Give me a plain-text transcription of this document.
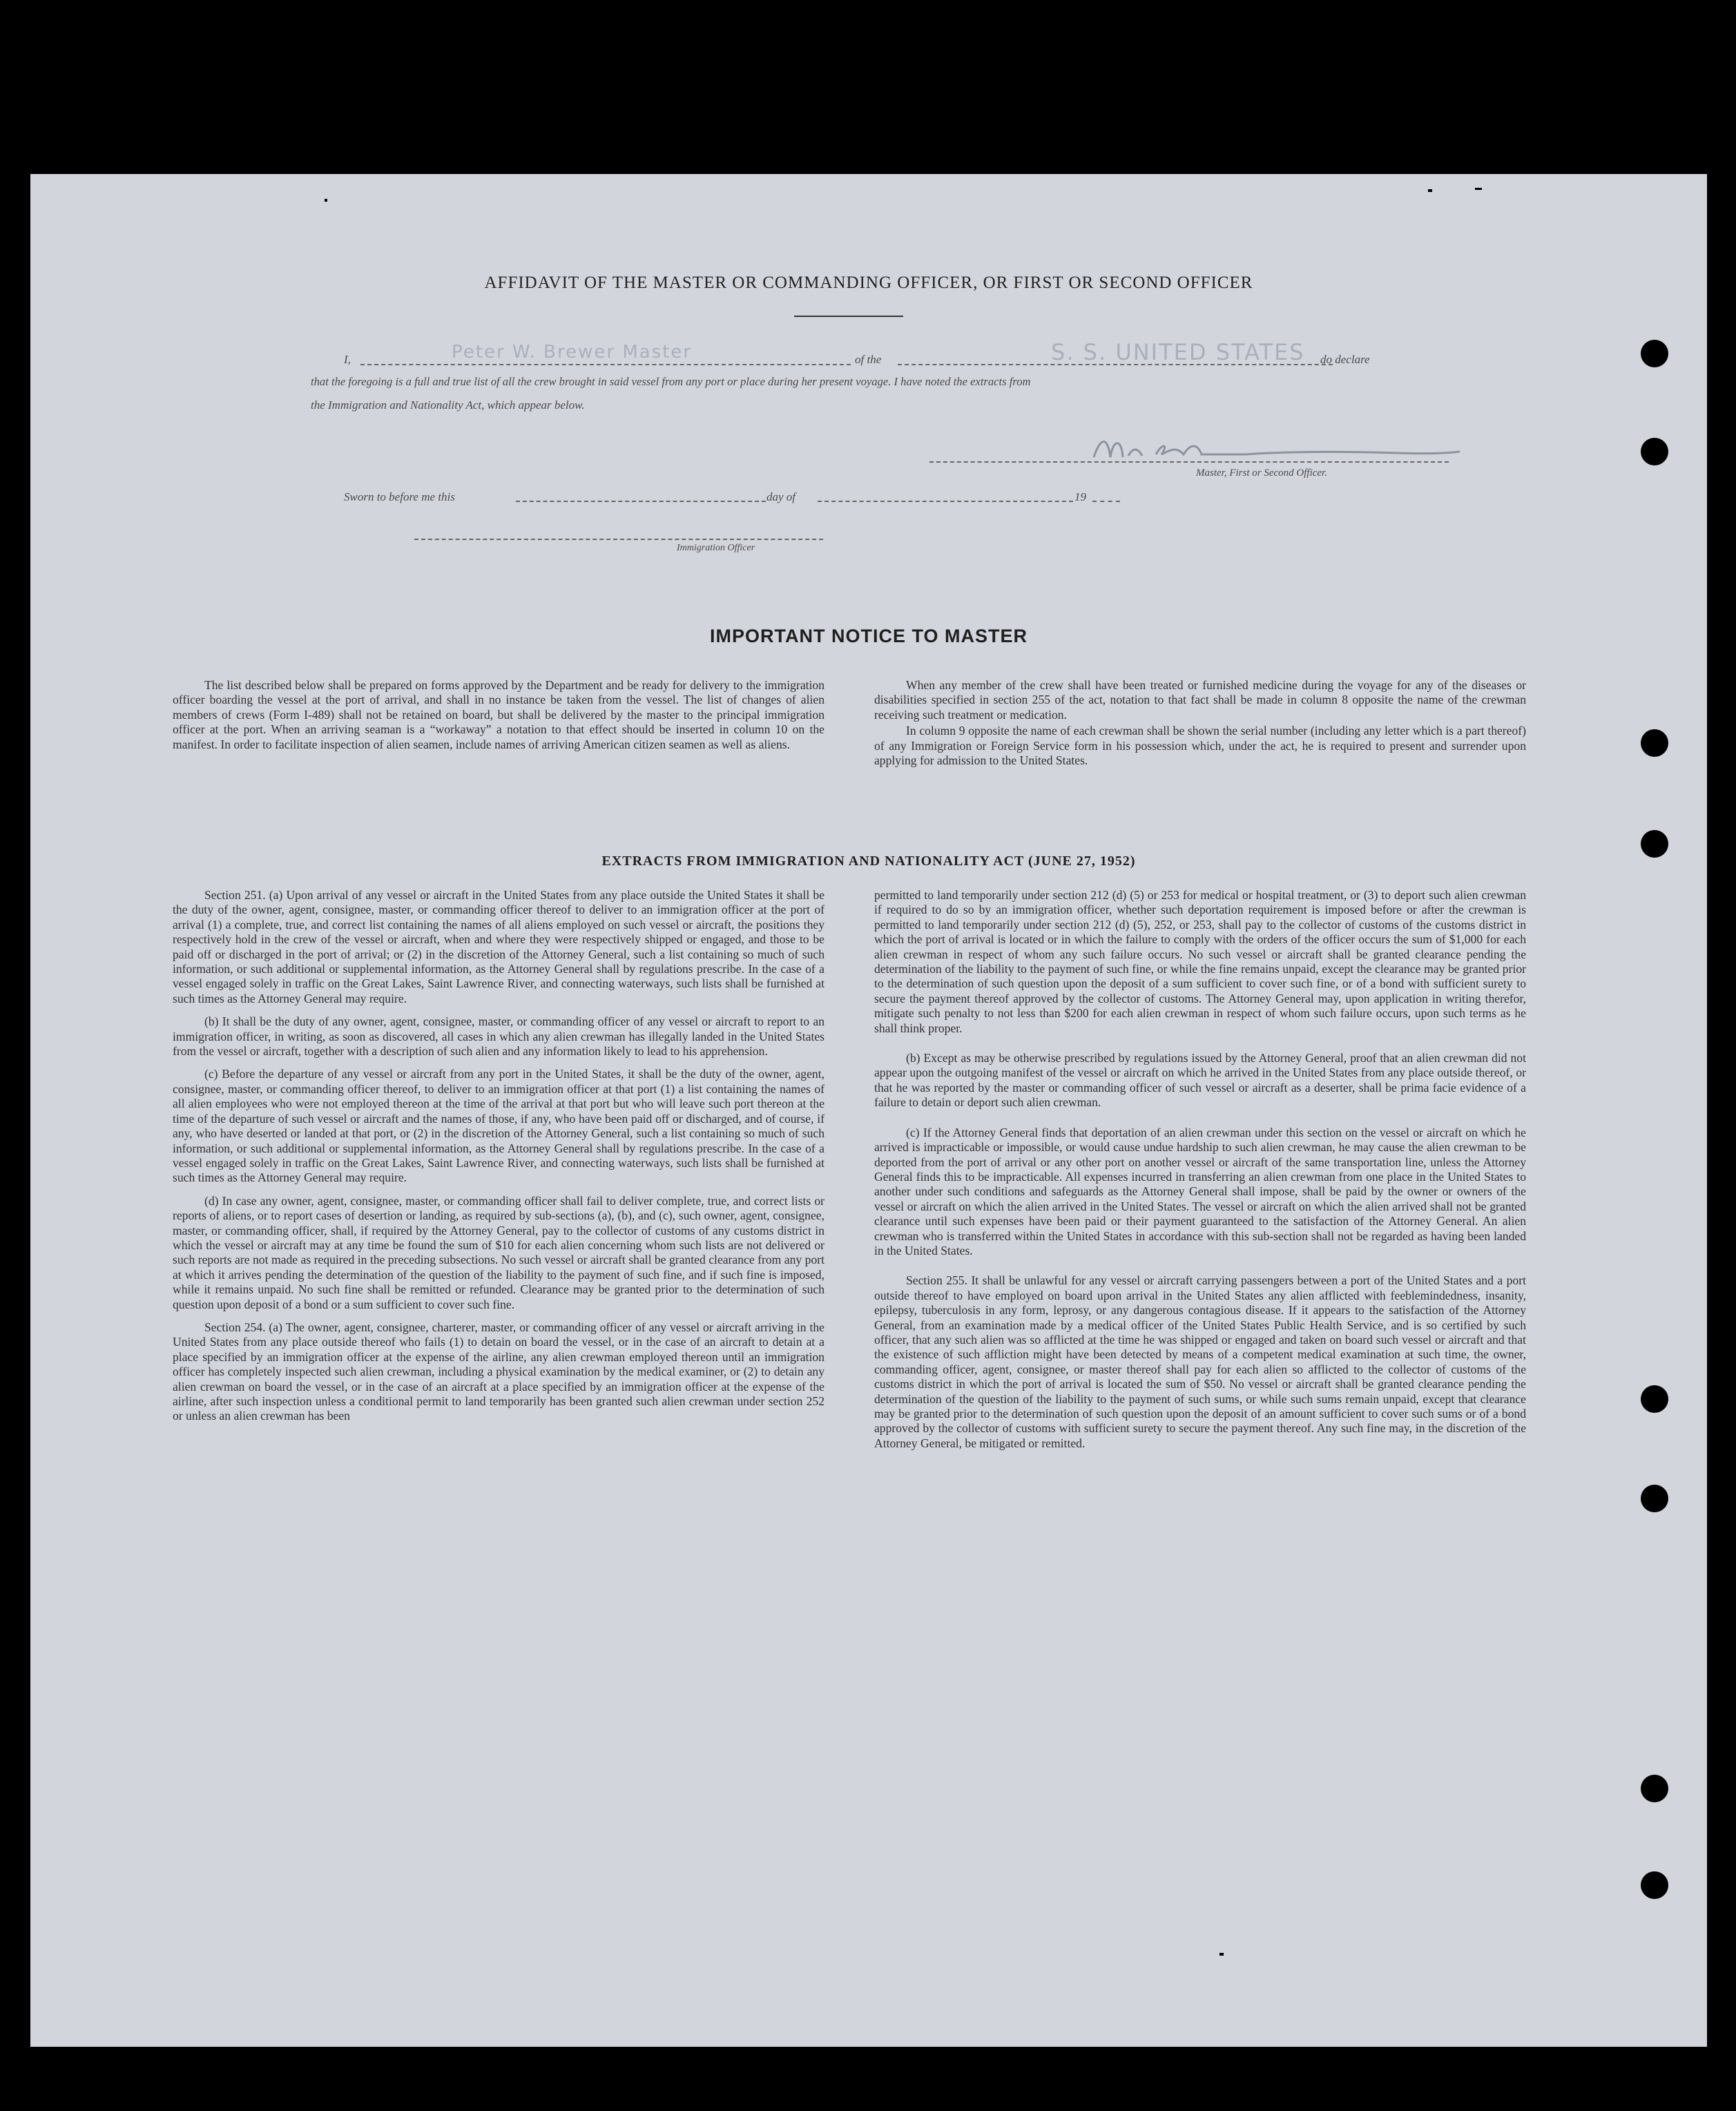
AFFIDAVIT OF THE MASTER OR COMMANDING OFFICER, OR FIRST OR SECOND OFFICER
I,	Peter W. Brewer Master	of the	S. S. UNITED STATES do declare
that the foregoing is a full and true list of all the crew brought in said vessel from any port or place during her present voyage. I have noted the extracts from
the Immigration and Nationality Act, which appear below.
Master, First or Second Officer.
Sworn to before me this	day of	19
Immigration Officer
IMPORTANT NOTICE TO MASTER

The list described below shall be prepared on forms approved by the Department and be ready for delivery to the immigration officer boarding the vessel at the port of arrival, and shall in no instance be taken from the vessel. The list of changes of alien members of crews (Form I-489) shall not be retained on board, but shall be delivered by the master to the principal immigration officer at the port. When an arriving seaman is a “workaway” a notation to that effect should be inserted in column 10 on the manifest. In order to facilitate inspection of alien seamen, include names of arriving American citizen seamen as well as aliens.

When any member of the crew shall have been treated or furnished medicine during the voyage for any of the diseases or disabilities specified in section 255 of the act, notation to that fact shall be made in column 8 opposite the name of the crewman receiving such treatment or medication.

In column 9 opposite the name of each crewman shall be shown the serial number (including any letter which is a part thereof) of any Immigration or Foreign Service form in his possession which, under the act, he is required to present and surrender upon applying for admission to the United States.

EXTRACTS FROM IMMIGRATION AND NATIONALITY ACT (JUNE 27, 1952)

Section 251. (a) Upon arrival of any vessel or aircraft in the United States from any place outside the United States it shall be the duty of the owner, agent, consignee, master, or commanding officer thereof to deliver to an immigration officer at the port of arrival (1) a complete, true, and correct list containing the names of all aliens employed on such vessel or aircraft, the positions they respectively hold in the crew of the vessel or aircraft, when and where they were respectively shipped or engaged, and those to be paid off or discharged in the port of arrival; or (2) in the discretion of the Attorney General, such a list containing so much of such information, or such additional or supplemental information, as the Attorney General shall by regulations prescribe. In the case of a vessel engaged solely in traffic on the Great Lakes, Saint Lawrence River, and connecting waterways, such lists shall be furnished at such times as the Attorney General may require.

(b) It shall be the duty of any owner, agent, consignee, master, or commanding officer of any vessel or aircraft to report to an immigration officer, in writing, as soon as discovered, all cases in which any alien crewman has illegally landed in the United States from the vessel or aircraft, together with a description of such alien and any information likely to lead to his apprehension.

(c) Before the departure of any vessel or aircraft from any port in the United States, it shall be the duty of the owner, agent, consignee, master, or commanding officer thereof, to deliver to an immigration officer at that port (1) a list containing the names of all alien employees who were not employed thereon at the time of the arrival at that port but who will leave such port thereon at the time of the departure of such vessel or aircraft and the names of those, if any, who have been paid off or discharged, and of course, if any, who have deserted or landed at that port, or (2) in the discretion of the Attorney General, such a list containing so much of such information, or such additional or supplemental information, as the Attorney General shall by regulations prescribe. In the case of a vessel engaged solely in traffic on the Great Lakes, Saint Lawrence River, and connecting waterways, such lists shall be furnished at such times as the Attorney General may require.

(d) In case any owner, agent, consignee, master, or commanding officer shall fail to deliver complete, true, and correct lists or reports of aliens, or to report cases of desertion or landing, as required by sub-sections (a), (b), and (c), such owner, agent, consignee, master, or commanding officer, shall, if required by the Attorney General, pay to the collector of customs of any customs district in which the vessel or aircraft may at any time be found the sum of $10 for each alien concerning whom such lists are not delivered or such reports are not made as required in the preceding subsections. No such vessel or aircraft shall be granted clearance from any port at which it arrives pending the determination of the question of the liability to the payment of such fine, and if such fine is imposed, while it remains unpaid. No such fine shall be remitted or refunded. Clearance may be granted prior to the determination of such question upon deposit of a bond or a sum sufficient to cover such fine.

Section 254. (a) The owner, agent, consignee, charterer, master, or commanding officer of any vessel or aircraft arriving in the United States from any place outside thereof who fails (1) to detain on board the vessel, or in the case of an aircraft to detain at a place specified by an immigration officer at the expense of the airline, any alien crewman employed thereon until an immigration officer has completely inspected such alien crewman, including a physical examination by the medical examiner, or (2) to detain any alien crewman on board the vessel, or in the case of an aircraft at a place specified by an immigration officer at the expense of the airline, after such inspection unless a conditional permit to land temporarily has been granted such alien crewman under section 252 or unless an alien crewman has been

permitted to land temporarily under section 212 (d) (5) or 253 for medical or hospital treatment, or (3) to deport such alien crewman if required to do so by an immigration officer, whether such deportation requirement is imposed before or after the crewman is permitted to land temporarily under section 212 (d) (5), 252, or 253, shall pay to the collector of customs of the customs district in which the port of arrival is located or in which the failure to comply with the orders of the officer occurs the sum of $1,000 for each alien crewman in respect of whom any such failure occurs. No such vessel or aircraft shall be granted clearance pending the determination of the liability to the payment of such fine, or while the fine remains unpaid, except the clearance may be granted prior to the determination of such question upon the deposit of a sum sufficient to cover such fine, or of a bond with sufficient surety to secure the payment thereof approved by the collector of customs. The Attorney General may, upon application in writing therefor, mitigate such penalty to not less than $200 for each alien crewman in respect of whom such failure occurs, upon such terms as he shall think proper.

(b) Except as may be otherwise prescribed by regulations issued by the Attorney General, proof that an alien crewman did not appear upon the outgoing manifest of the vessel or aircraft on which he arrived in the United States from any place outside thereof, or that he was reported by the master or commanding officer of such vessel or aircraft as a deserter, shall be prima facie evidence of a failure to detain or deport such alien crewman.

(c) If the Attorney General finds that deportation of an alien crewman under this section on the vessel or aircraft on which he arrived is impracticable or impossible, or would cause undue hardship to such alien crewman, he may cause the alien crewman to be deported from the port of arrival or any other port on another vessel or aircraft of the same transportation line, unless the Attorney General finds this to be impracticable. All expenses incurred in transferring an alien crewman from one place in the United States to another under such conditions and safeguards as the Attorney General shall impose, shall be paid by the owner or owners of the vessel or aircraft on which the alien arrived in the United States. The vessel or aircraft on which the alien arrived shall not be granted clearance until such expenses have been paid or their payment guaranteed to the satisfaction of the Attorney General. An alien crewman who is transferred within the United States in accordance with this sub-section shall not be regarded as having been landed in the United States.

Section 255. It shall be unlawful for any vessel or aircraft carrying passengers between a port of the United States and a port outside thereof to have employed on board upon arrival in the United States any alien afflicted with feeblemindedness, insanity, epilepsy, tuberculosis in any form, leprosy, or any dangerous contagious disease. If it appears to the satisfaction of the Attorney General, from an examination made by a medical officer of the United States Public Health Service, and is so certified by such officer, that any such alien was so afflicted at the time he was shipped or engaged and taken on board such vessel or aircraft and that the existence of such affliction might have been detected by means of a competent medical examination at such time, the owner, commanding officer, agent, consignee, or master thereof shall pay for each alien so afflicted to the collector of customs of the customs district in which the port of arrival is located the sum of $50. No vessel or aircraft shall be granted clearance pending the determination of the question of the liability to the payment of such sums, or while such sums remain unpaid, except that clearance may be granted prior to the determination of such question upon the deposit of an amount sufficient to cover such sums or of a bond approved by the collector of customs with sufficient surety to secure the payment thereof. Any such fine may, in the discretion of the Attorney General, be mitigated or remitted.
